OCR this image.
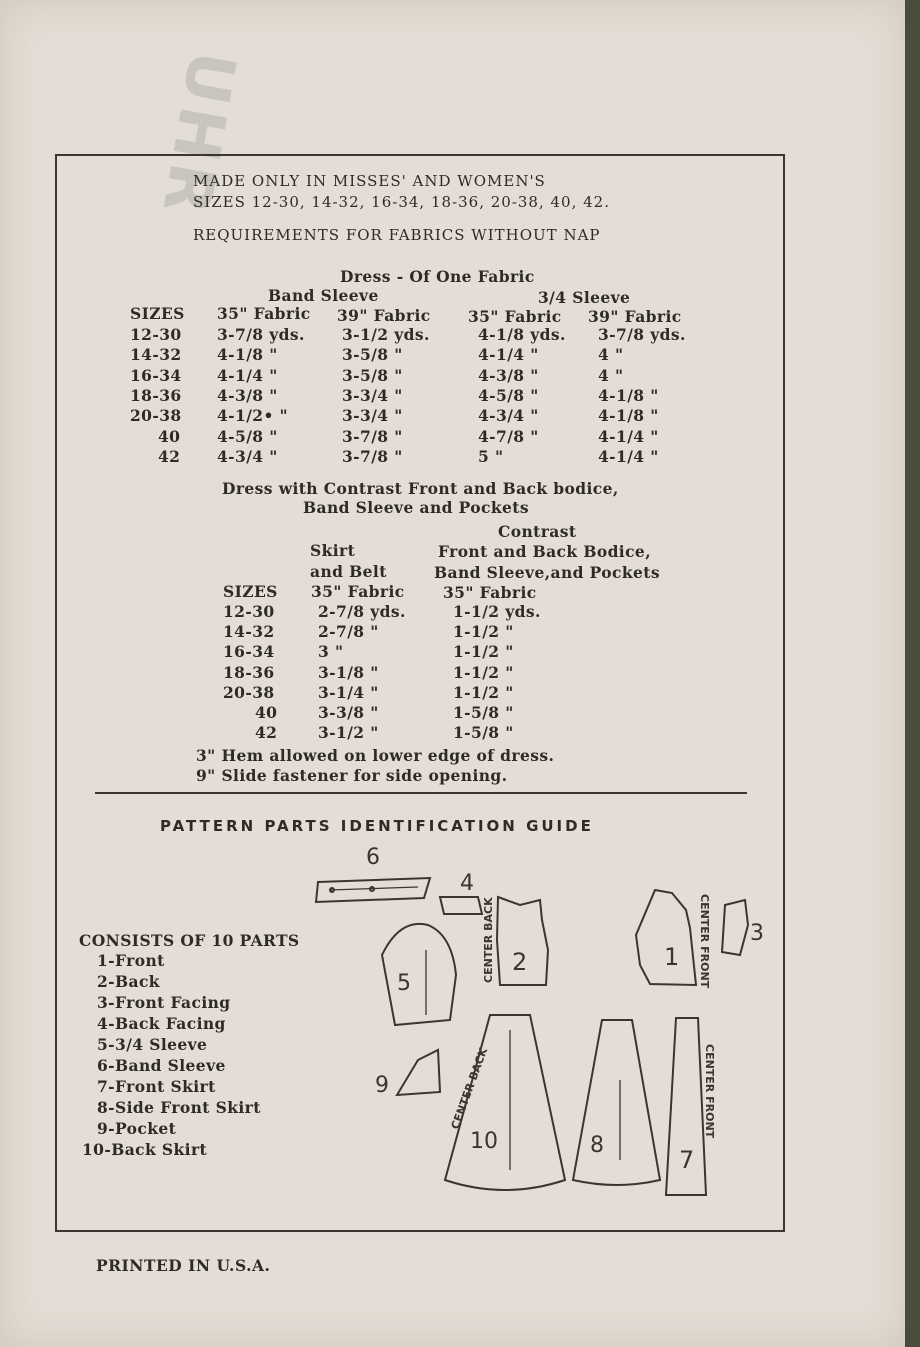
UHR
MADE ONLY IN MISSES' AND WOMEN'S
SIZES 12-30, 14-32, 16-34, 18-36, 20-38, 40, 42.
REQUIREMENTS FOR FABRICS WITHOUT NAP
Dress - Of One Fabric
Band Sleeve	3/4 Sleeve
SIZES 35" Fabric 39" Fabric 35" Fabric 39" Fabric
12-30 3-7/8 yds. 3-1/2 yds.	4-1/8 yds. 3-7/8 yds.
14-32 4-1/8 "	3-5/8 "	4-1/4 "	4 "
16-34 4-1/4 "	3-5/8 "	4-3/8 "	4 "
18-36 4-3/8 "	3-3/4 "	4-5/8 "	4-1/8 "
20-38 4-1/2• "	3-3/4 "	4-3/4 "	4-1/8 "
40 4-5/8 "	3-7/8 "	4-7/8 "	4-1/4 "
42 4-3/4 "	3-7/8 "	5 "	4-1/4 "
Dress with Contrast Front and Back bodice,
Band Sleeve and Pockets
Contrast
Skirt	Front and Back Bodice,
and Belt	Band Sleeve,and Pockets
SIZES 35" Fabric 35" Fabric
12-30	2-7/8 yds.	1-1/2 yds.
14-32	2-7/8 "	1-1/2 "
16-34	3 "	1-1/2 "
18-36	3-1/8 "	1-1/2 "
20-38	3-1/4 "	1-1/2 "
40	3-3/8 "	1-5/8 "
42	3-1/2 "	1-5/8 "
3" Hem allowed on lower edge of dress.
9" Slide fastener for side opening.
PATTERN PARTS IDENTIFICATION GUIDE
CONSISTS OF 10 PARTS
1-Front
2-Back
3-Front Facing
4-Back Facing
5-3/4 Sleeve
6-Band Sleeve
7-Front Skirt
8-Side Front Skirt
9-Pocket
10-Back Skirt
6
4
2
CENTER BACK	1 CENTER FRONT 3
5
9
10
CENTER BACK
8
7
CENTER FRONT
PRINTED IN U.S.A.
